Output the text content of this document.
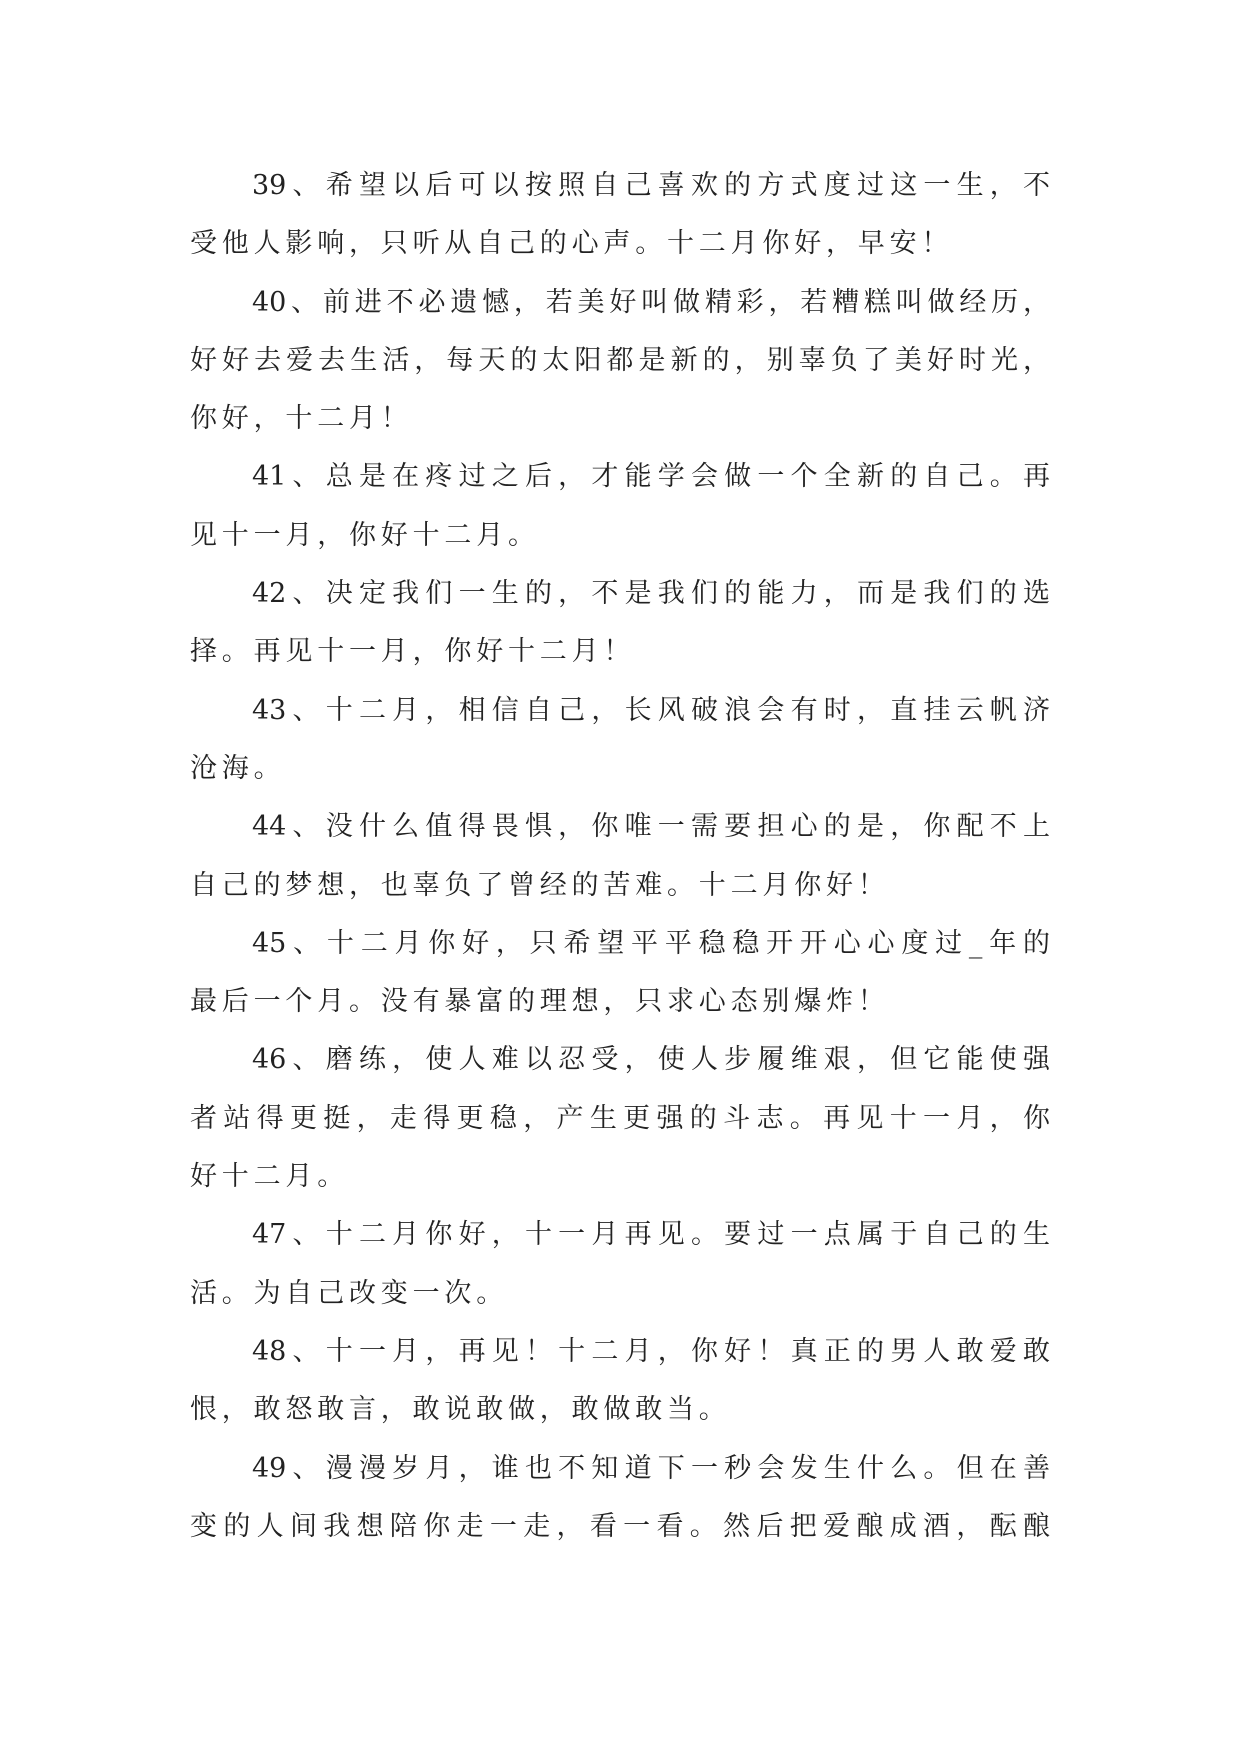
39、希望以后可以按照自己喜欢的方式度过这一生，不
受他人影响，只听从自己的心声。十二月你好，早安！
40、前进不必遗憾，若美好叫做精彩，若糟糕叫做经历，
好好去爱去生活，每天的太阳都是新的，别辜负了美好时光，
你好，十二月！
41、总是在疼过之后，才能学会做一个全新的自己。再
见十一月，你好十二月。
42、决定我们一生的，不是我们的能力，而是我们的选
择。再见十一月，你好十二月！
43、十二月，相信自己，长风破浪会有时，直挂云帆济
沧海。
44、没什么值得畏惧，你唯一需要担心的是，你配不上
自己的梦想，也辜负了曾经的苦难。十二月你好！
45、十二月你好，只希望平平稳稳开开心心度过_年的
最后一个月。没有暴富的理想，只求心态别爆炸！
46、磨练，使人难以忍受，使人步履维艰，但它能使强
者站得更挺，走得更稳，产生更强的斗志。再见十一月，你
好十二月。
47、十二月你好，十一月再见。要过一点属于自己的生
活。为自己改变一次。
48、十一月，再见！十二月，你好！真正的男人敢爱敢
恨，敢怒敢言，敢说敢做，敢做敢当。
49、漫漫岁月，谁也不知道下一秒会发生什么。但在善
变的人间我想陪你走一走，看一看。然后把爱酿成酒，酝酿
